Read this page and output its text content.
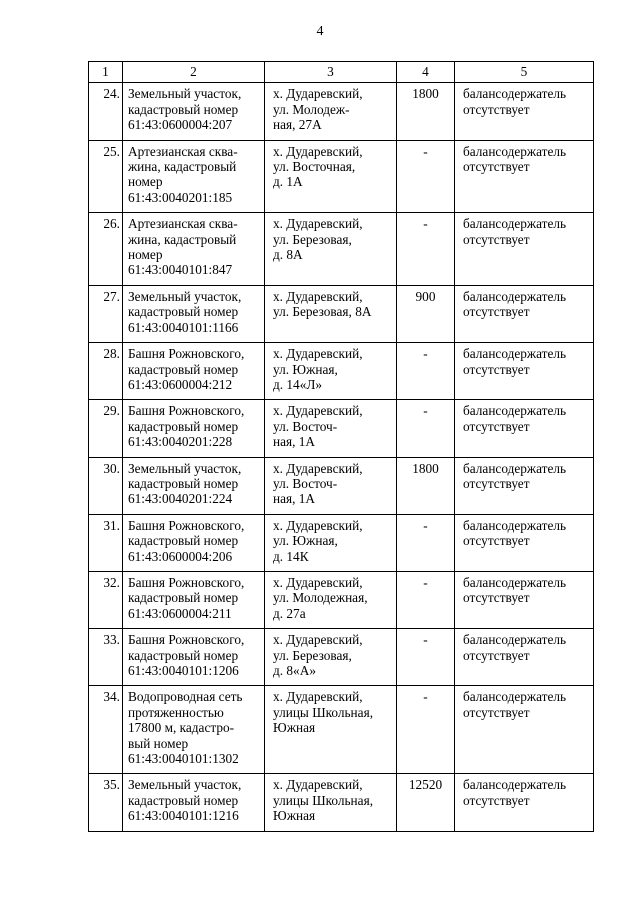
4
1	2	3	4	5
24.	Земельный участок,
кадастровый номер
61:43:0600004:207	х. Дударевский,
ул. Молодеж-
ная, 27А	1800	балансодержатель
отсутствует
25.	Артезианская сква-
жина, кадастровый
номер
61:43:0040201:185	х. Дударевский,
ул. Восточная,
д. 1А	-	балансодержатель
отсутствует
26.	Артезианская сква-
жина, кадастровый
номер
61:43:0040101:847	х. Дударевский,
ул. Березовая,
д. 8А	-	балансодержатель
отсутствует
27.	Земельный участок,
кадастровый номер
61:43:0040101:1166	х. Дударевский,
ул. Березовая, 8А	900	балансодержатель
отсутствует
28.	Башня Рожновского,
кадастровый номер
61:43:0600004:212	х. Дударевский,
ул. Южная,
д. 14«Л»	-	балансодержатель
отсутствует
29.	Башня Рожновского,
кадастровый номер
61:43:0040201:228	х. Дударевский,
ул. Восточ-
ная, 1А	-	балансодержатель
отсутствует
30.	Земельный участок,
кадастровый номер
61:43:0040201:224	х. Дударевский,
ул. Восточ-
ная, 1А	1800	балансодержатель
отсутствует
31.	Башня Рожновского,
кадастровый номер
61:43:0600004:206	х. Дударевский,
ул. Южная,
д. 14К	-	балансодержатель
отсутствует
32.	Башня Рожновского,
кадастровый номер
61:43:0600004:211	х. Дударевский,
ул. Молодежная,
д. 27а	-	балансодержатель
отсутствует
33.	Башня Рожновского,
кадастровый номер
61:43:0040101:1206	х. Дударевский,
ул. Березовая,
д. 8«А»	-	балансодержатель
отсутствует
34.	Водопроводная сеть
протяженностью
17800 м, кадастро-
вый номер
61:43:0040101:1302	х. Дударевский,
улицы Школьная,
Южная	-	балансодержатель
отсутствует
35.	Земельный участок,
кадастровый номер
61:43:0040101:1216	х. Дударевский,
улицы Школьная,
Южная	12520	балансодержатель
отсутствует
